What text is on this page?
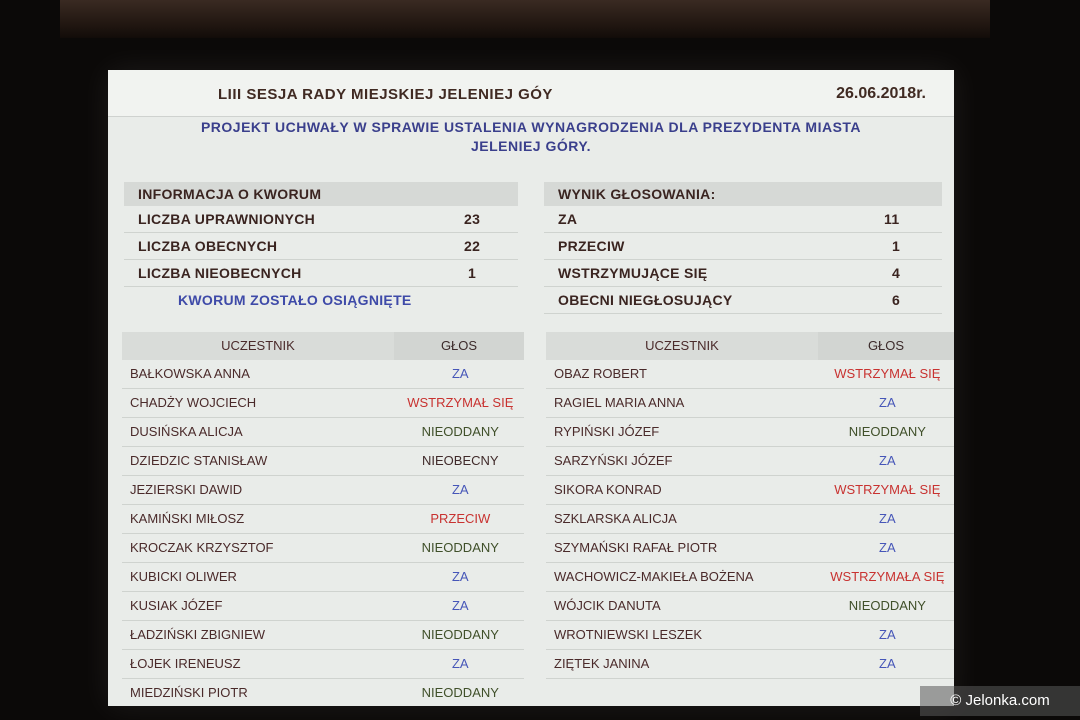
LIII SESJA RADY MIEJSKIEJ JELENIEJ GÓY	26.06.2018r.
PROJEKT UCHWAŁY W SPRAWIE USTALENIA WYNAGRODZENIA DLA PREZYDENTA MIASTA
JELENIEJ GÓRY.
INFORMACJA O KWORUM
LICZBA UPRAWNIONYCH	23
LICZBA OBECNYCH	22
LICZBA NIEOBECNYCH	1
KWORUM ZOSTAŁO OSIĄGNIĘTE
WYNIK GŁOSOWANIA:
ZA	11
PRZECIW	1
WSTRZYMUJĄCE SIĘ	4
OBECNI NIEGŁOSUJĄCY	6
UCZESTNIK	GŁOS
BAŁKOWSKA ANNA	ZA
CHADŻY WOJCIECH	WSTRZYMAŁ SIĘ
DUSIŃSKA ALICJA	NIEODDANY
DZIEDZIC STANISŁAW	NIEOBECNY
JEZIERSKI DAWID	ZA
KAMIŃSKI MIŁOSZ	PRZECIW
KROCZAK KRZYSZTOF	NIEODDANY
KUBICKI OLIWER	ZA
KUSIAK JÓZEF	ZA
ŁADZIŃSKI ZBIGNIEW	NIEODDANY
ŁOJEK IRENEUSZ	ZA
MIEDZIŃSKI PIOTR	NIEODDANY
UCZESTNIK	GŁOS
OBAZ ROBERT	WSTRZYMAŁ SIĘ
RAGIEL MARIA ANNA	ZA
RYPIŃSKI JÓZEF	NIEODDANY
SARZYŃSKI JÓZEF	ZA
SIKORA KONRAD	WSTRZYMAŁ SIĘ
SZKLARSKA ALICJA	ZA
SZYMAŃSKI RAFAŁ PIOTR	ZA
WACHOWICZ-MAKIEŁA BOŻENA	WSTRZYMAŁA SIĘ
WÓJCIK DANUTA	NIEODDANY
WROTNIEWSKI LESZEK	ZA
ZIĘTEK JANINA	ZA
© Jelonka.com
